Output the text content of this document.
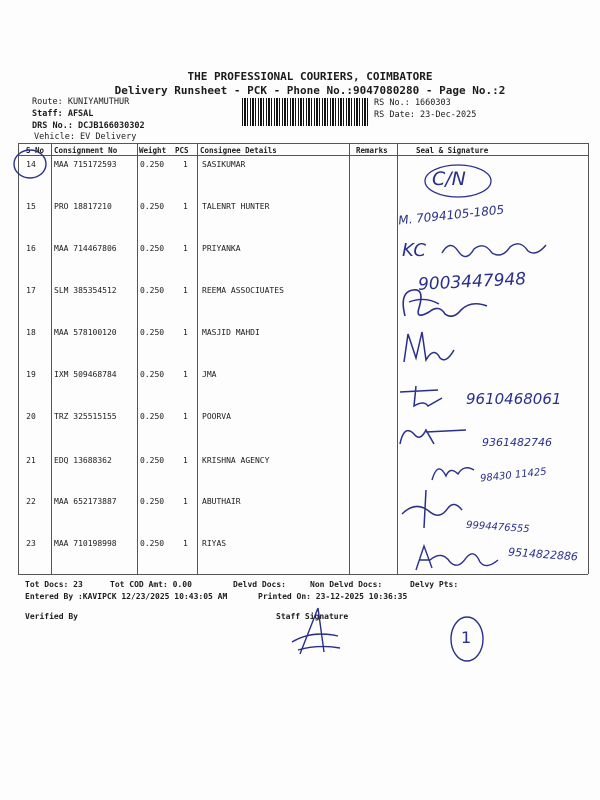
THE PROFESSIONAL COURIERS, COIMBATORE
Delivery Runsheet - PCK - Phone No.:9047080280 - Page No.:2
Route: KUNIYAMUTHUR
Staff: AFSAL
DRS No.: DCJB166030302
Vehicle: EV Delivery
RS No.: 1660303
RS Date: 23-Dec-2025
S No Consignment No	Weight PCS Consignee Details	Remarks	Seal & Signature
14	MAA 715172593	0.250 1 SASIKUMAR
15	PRO 18817210	0.250 1 TALENRT HUNTER
16	MAA 714467806	0.250 1 PRIYANKA
17	SLM 385354512	0.250 1 REEMA ASSOCIUATES
18	MAA 578100120	0.250 1 MASJID MAHDI
19	IXM 509468784	0.250 1 JMA
20	TRZ 325515155	0.250 1 POORVA
21	EDQ 13688362	0.250 1 KRISHNA AGENCY
22	MAA 652173887	0.250 1 ABUTHAIR
23	MAA 710198998	0.250 1 RIYAS
C/N
M. 7094105-1805
KC
9003447948
9610468061
9361482746
98430 11425
9994476555
9514822886
Tot Docs: 23	Tot COD Amt: 0.00	Delvd Docs:	Non Delvd Docs:	Delvy Pts:
Entered By :KAVIPCK 12/23/2025 10:43:05 AM	Printed On: 23-12-2025 10:36:35
Verified By	Staff Signature
1
